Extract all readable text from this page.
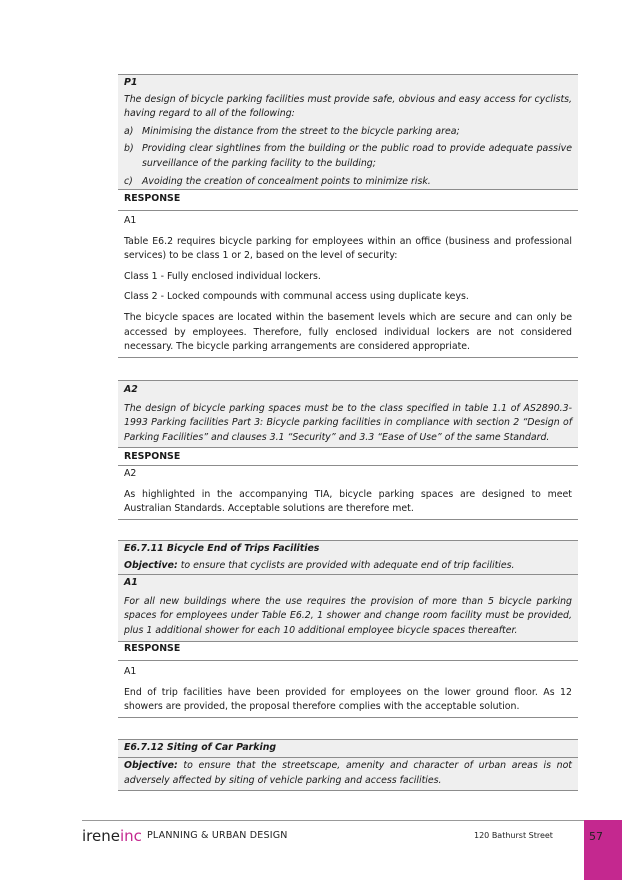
P1
The design of bicycle parking facilities must provide safe, obvious and easy access for cyclists, having regard to all of the following:
a) Minimising the distance from the street to the bicycle parking area;
b) Providing clear sightlines from the building or the public road to provide adequate passive surveillance of the parking facility to the building;
c) Avoiding the creation of concealment points to minimize risk.
RESPONSE

A1

Table E6.2 requires bicycle parking for employees within an office (business and professional services) to be class 1 or 2, based on the level of security:

Class 1 - Fully enclosed individual lockers.

Class 2 - Locked compounds with communal access using duplicate keys.

The bicycle spaces are located within the basement levels which are secure and can only be accessed by employees. Therefore, fully enclosed individual lockers are not considered necessary. The bicycle parking arrangements are considered appropriate.

A2
The design of bicycle parking spaces must be to the class specified in table 1.1 of AS2890.3-1993 Parking facilities Part 3: Bicycle parking facilities in compliance with section 2 “Design of Parking Facilities” and clauses 3.1 “Security” and 3.3 “Ease of Use” of the same Standard.
RESPONSE

A2

As highlighted in the accompanying TIA, bicycle parking spaces are designed to meet Australian Standards. Acceptable solutions are therefore met.

E6.7.11 Bicycle End of Trips Facilities
Objective: to ensure that cyclists are provided with adequate end of trip facilities.
A1
For all new buildings where the use requires the provision of more than 5 bicycle parking spaces for employees under Table E6.2, 1 shower and change room facility must be provided, plus 1 additional shower for each 10 additional employee bicycle spaces thereafter.
RESPONSE

A1

End of trip facilities have been provided for employees on the lower ground floor. As 12 showers are provided, the proposal therefore complies with the acceptable solution.

E6.7.12 Siting of Car Parking
Objective: to ensure that the streetscape, amenity and character of urban areas is not adversely affected by siting of vehicle parking and access facilities.
ireneinc PLANNING & URBAN DESIGN	120 Bathurst Street	57
